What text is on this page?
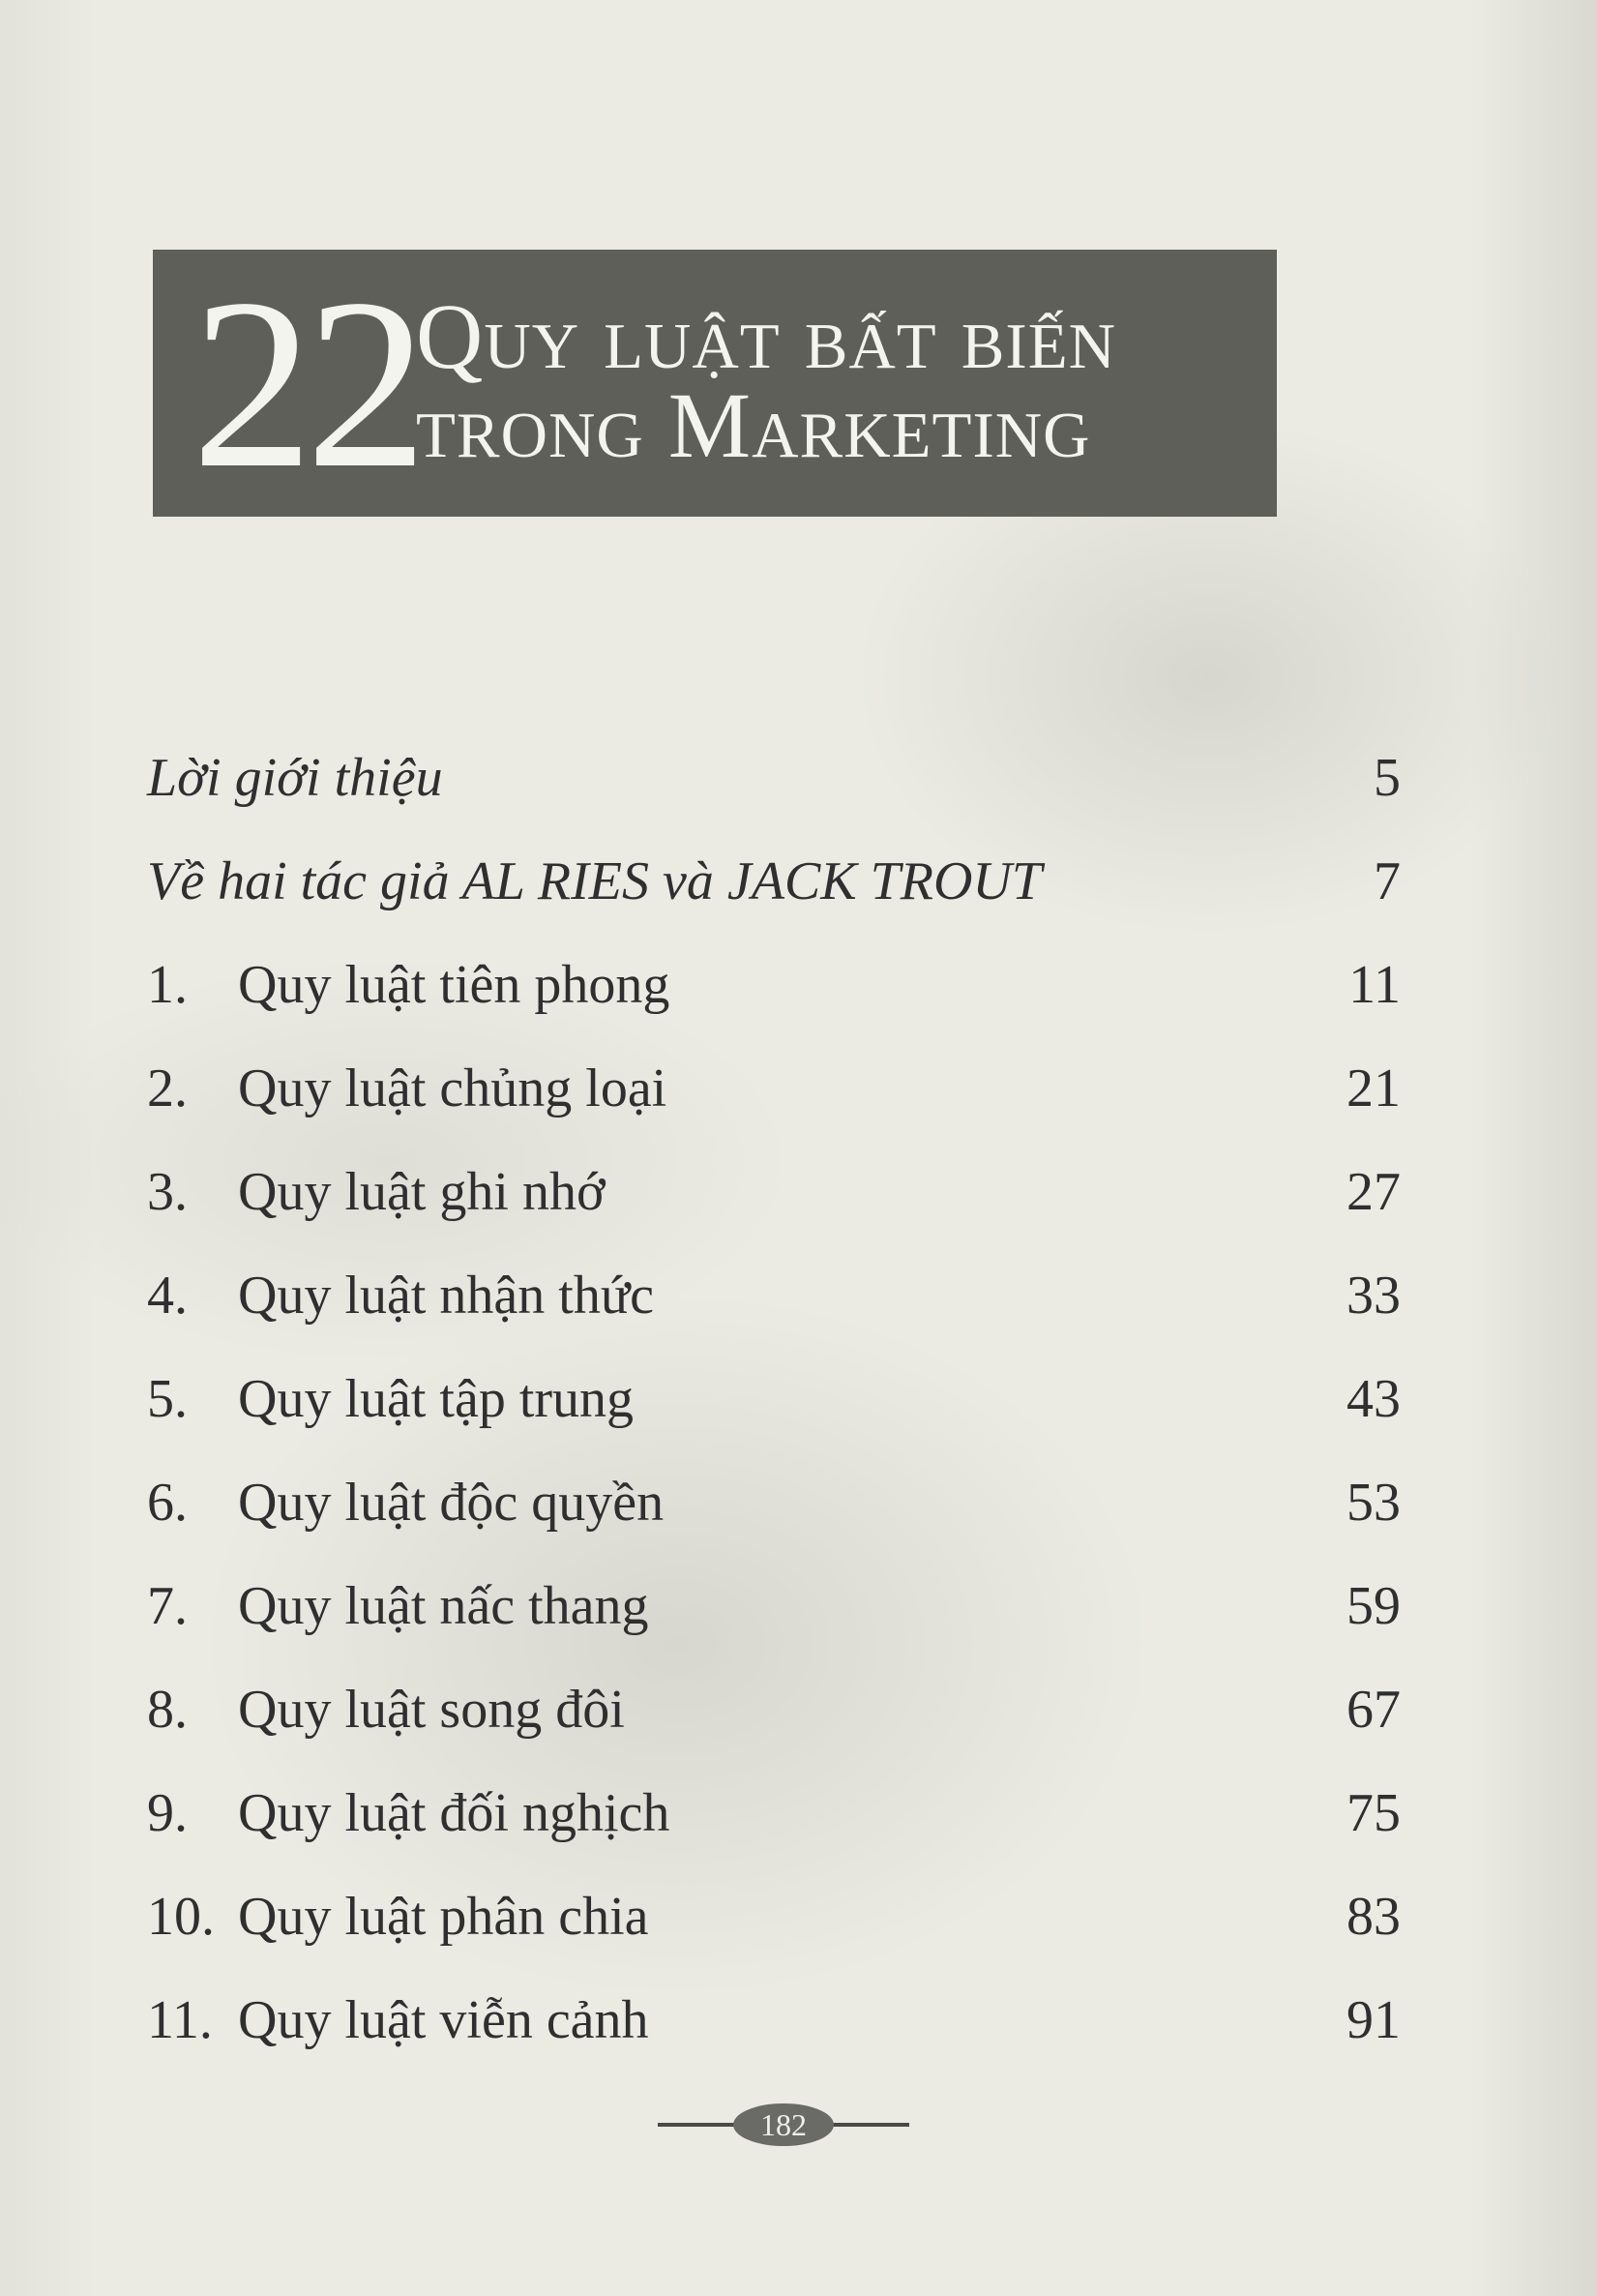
22
Quy luật bất biến
trong Marketing
Lời giới thiệu	5
Về hai tác giả AL RIES và JACK TROUT	7
1. Quy luật tiên phong	11
2. Quy luật chủng loại	21
3. Quy luật ghi nhớ	27
4. Quy luật nhận thức	33
5. Quy luật tập trung	43
6. Quy luật độc quyền	53
7. Quy luật nấc thang	59
8. Quy luật song đôi	67
9. Quy luật đối nghịch	75
10. Quy luật phân chia	83
11. Quy luật viễn cảnh	91
182
